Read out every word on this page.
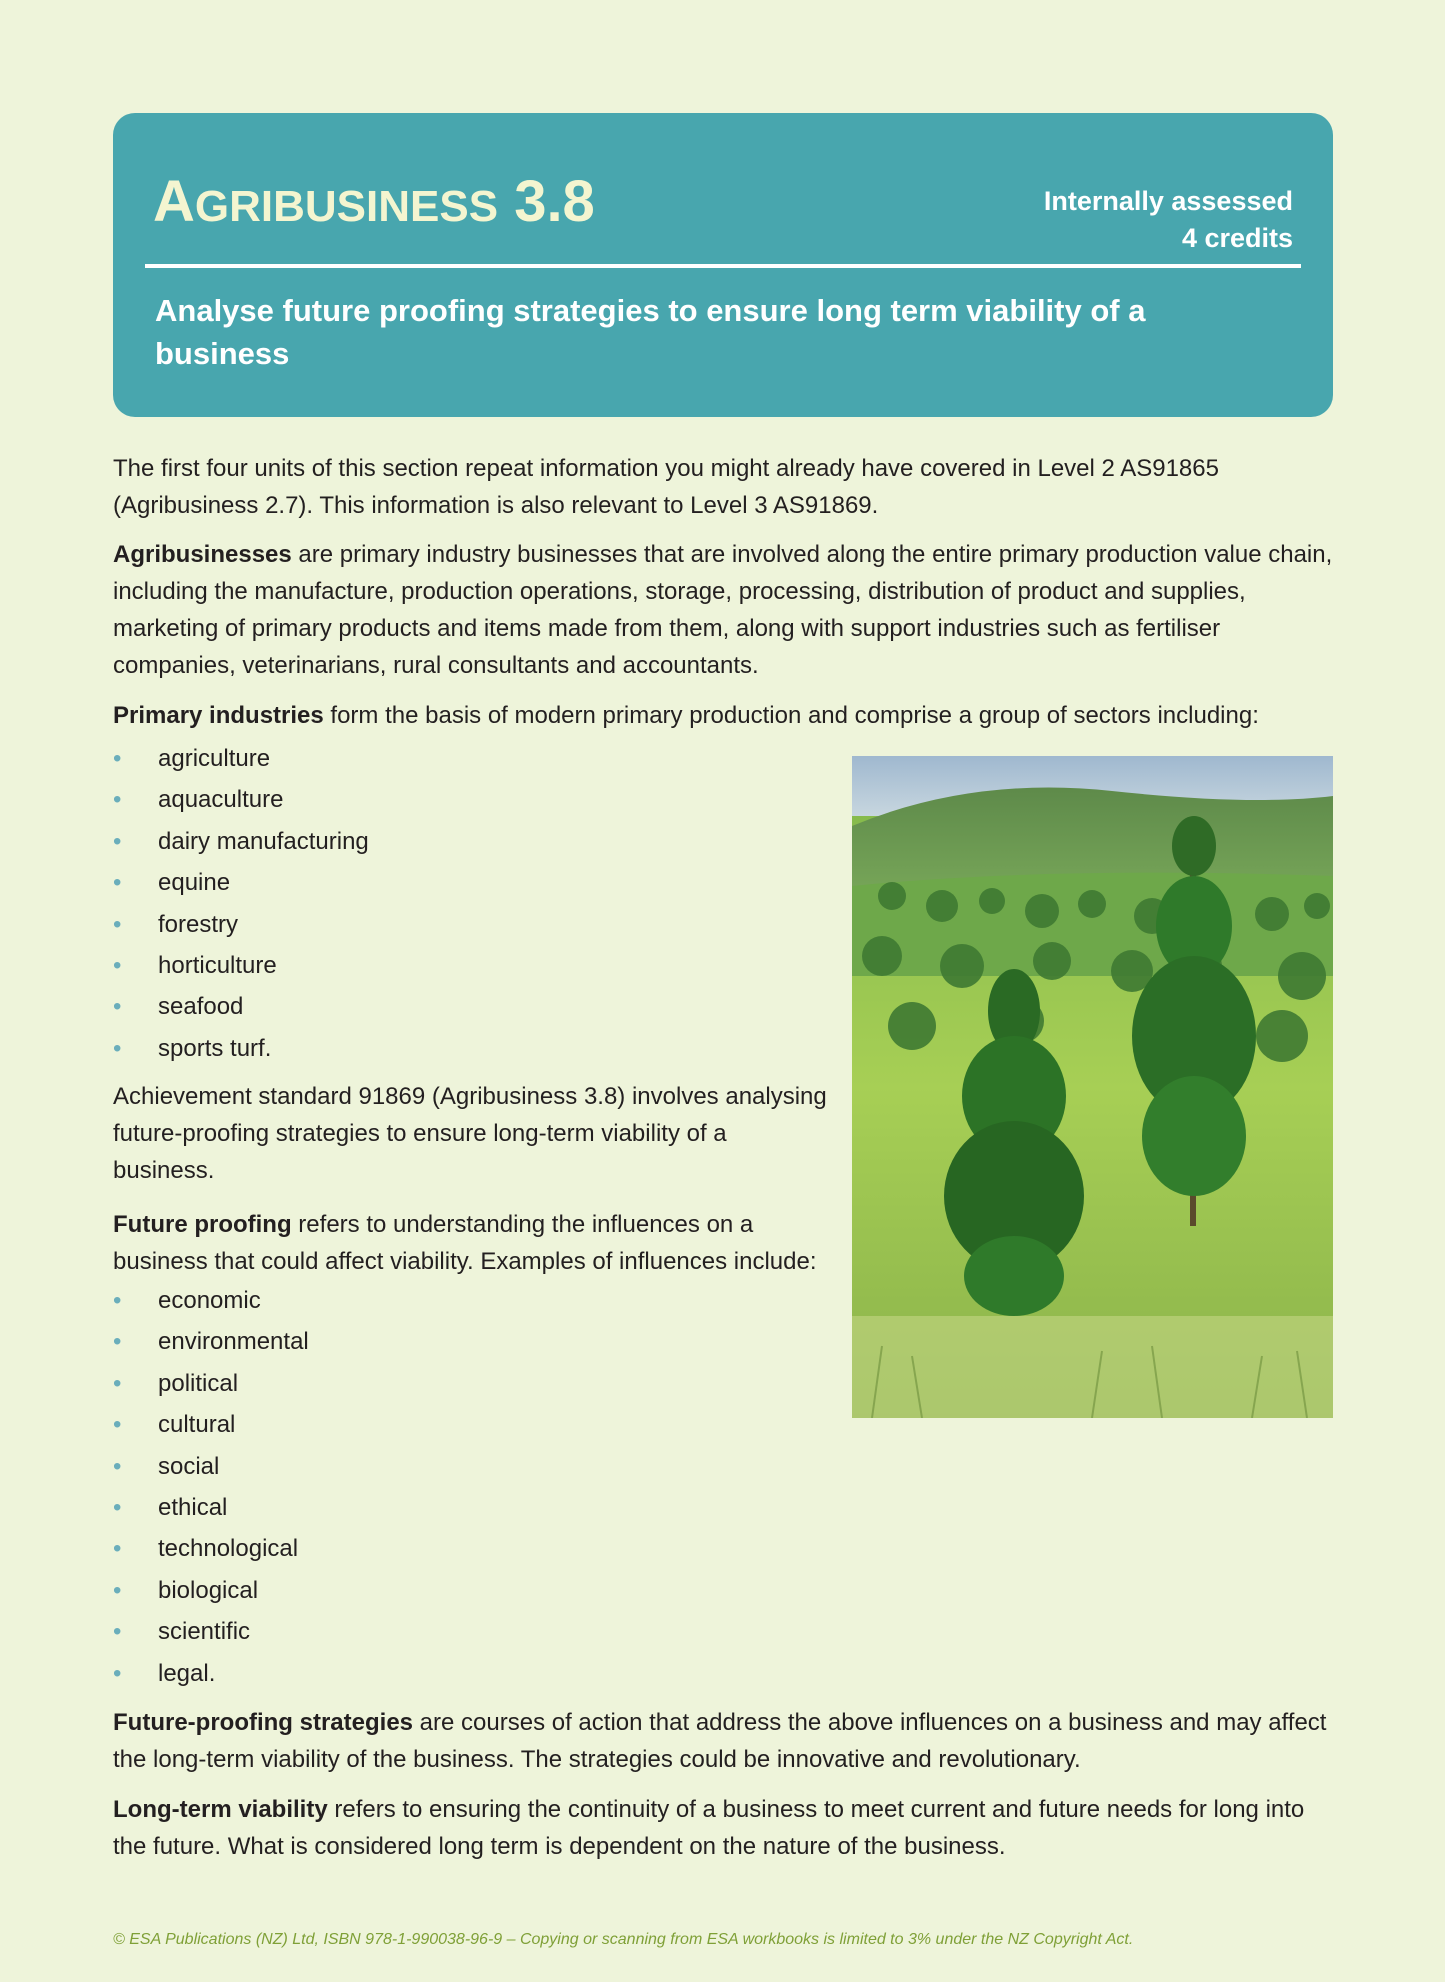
AGRIBUSINESS 3.8	Internally assessed
4 credits
Analyse future proofing strategies to ensure long term viability of a business

The first four units of this section repeat information you might already have covered in Level 2 AS91865 (Agribusiness 2.7). This information is also relevant to Level 3 AS91869.

Agribusinesses are primary industry businesses that are involved along the entire primary production value chain, including the manufacture, production operations, storage, processing, distribution of product and supplies, marketing of primary products and items made from them, along with support industries such as fertiliser companies, veterinarians, rural consultants and accountants.

Primary industries form the basis of modern primary production and comprise a group of sectors including:

• agriculture
• aquaculture
• dairy manufacturing
• equine
• forestry
• horticulture
• seafood
• sports turf.

Achievement standard 91869 (Agribusiness 3.8) involves analysing future-proofing strategies to ensure long-term viability of a business.

Future proofing refers to understanding the influences on a business that could affect viability. Examples of influences include:

• economic
• environmental
• political
• cultural
• social
• ethical
• technological
• biological
• scientific
• legal.

Future-proofing strategies are courses of action that address the above influences on a business and may affect the long-term viability of the business. The strategies could be innovative and revolutionary.

Long-term viability refers to ensuring the continuity of a business to meet current and future needs for long into the future. What is considered long term is dependent on the nature of the business.

© ESA Publications (NZ) Ltd, ISBN 978-1-990038-96-9 – Copying or scanning from ESA workbooks is limited to 3% under the NZ Copyright Act.
